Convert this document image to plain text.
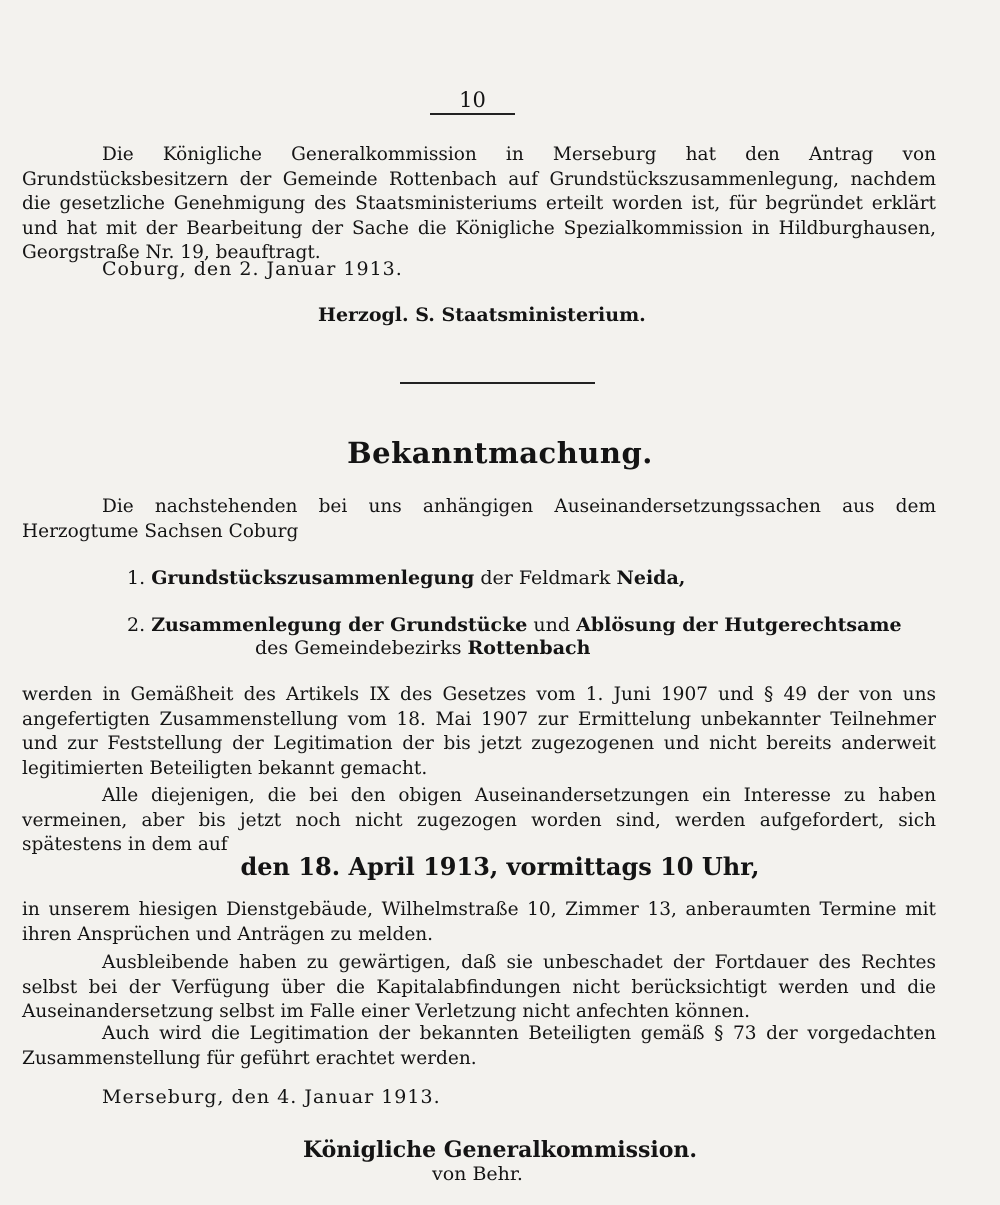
10
Die Königliche Generalkommission in Merseburg hat den Antrag von Grundstücksbesitzern der Gemeinde Rottenbach auf Grundstückszusammenlegung, nachdem die gesetzliche Genehmigung des Staatsministeriums erteilt worden ist, für begründet erklärt und hat mit der Bearbeitung der Sache die Königliche Spezialkommission in Hildburghausen, Georgstraße Nr. 19, beauftragt.
Coburg, den 2. Januar 1913.
Herzogl. S. Staatsministerium.
Bekanntmachung.
Die nachstehenden bei uns anhängigen Auseinandersetzungssachen aus dem Herzogtume Sachsen Coburg
1. Grundstückszusammenlegung der Feldmark Neida,
2. Zusammenlegung der Grundstücke und Ablösung der Hutgerechtsame
des Gemeindebezirks Rottenbach
werden in Gemäßheit des Artikels IX des Gesetzes vom 1. Juni 1907 und § 49 der von uns angefertigten Zusammenstellung vom 18. Mai 1907 zur Ermittelung unbekannter Teilnehmer und zur Feststellung der Legitimation der bis jetzt zugezogenen und nicht bereits anderweit legitimierten Beteiligten bekannt gemacht.
Alle diejenigen, die bei den obigen Auseinandersetzungen ein Interesse zu haben vermeinen, aber bis jetzt noch nicht zugezogen worden sind, werden aufgefordert, sich spätestens in dem auf
den 18. April 1913, vormittags 10 Uhr,
in unserem hiesigen Dienstgebäude, Wilhelmstraße 10, Zimmer 13, anberaumten Termine mit ihren Ansprüchen und Anträgen zu melden.
Ausbleibende haben zu gewärtigen, daß sie unbeschadet der Fortdauer des Rechtes selbst bei der Verfügung über die Kapitalabfindungen nicht berücksichtigt werden und die Auseinandersetzung selbst im Falle einer Verletzung nicht anfechten können.
Auch wird die Legitimation der bekannten Beteiligten gemäß § 73 der vorgedachten Zusammenstellung für geführt erachtet werden.
Merseburg, den 4. Januar 1913.
Königliche Generalkommission.
von Behr.
